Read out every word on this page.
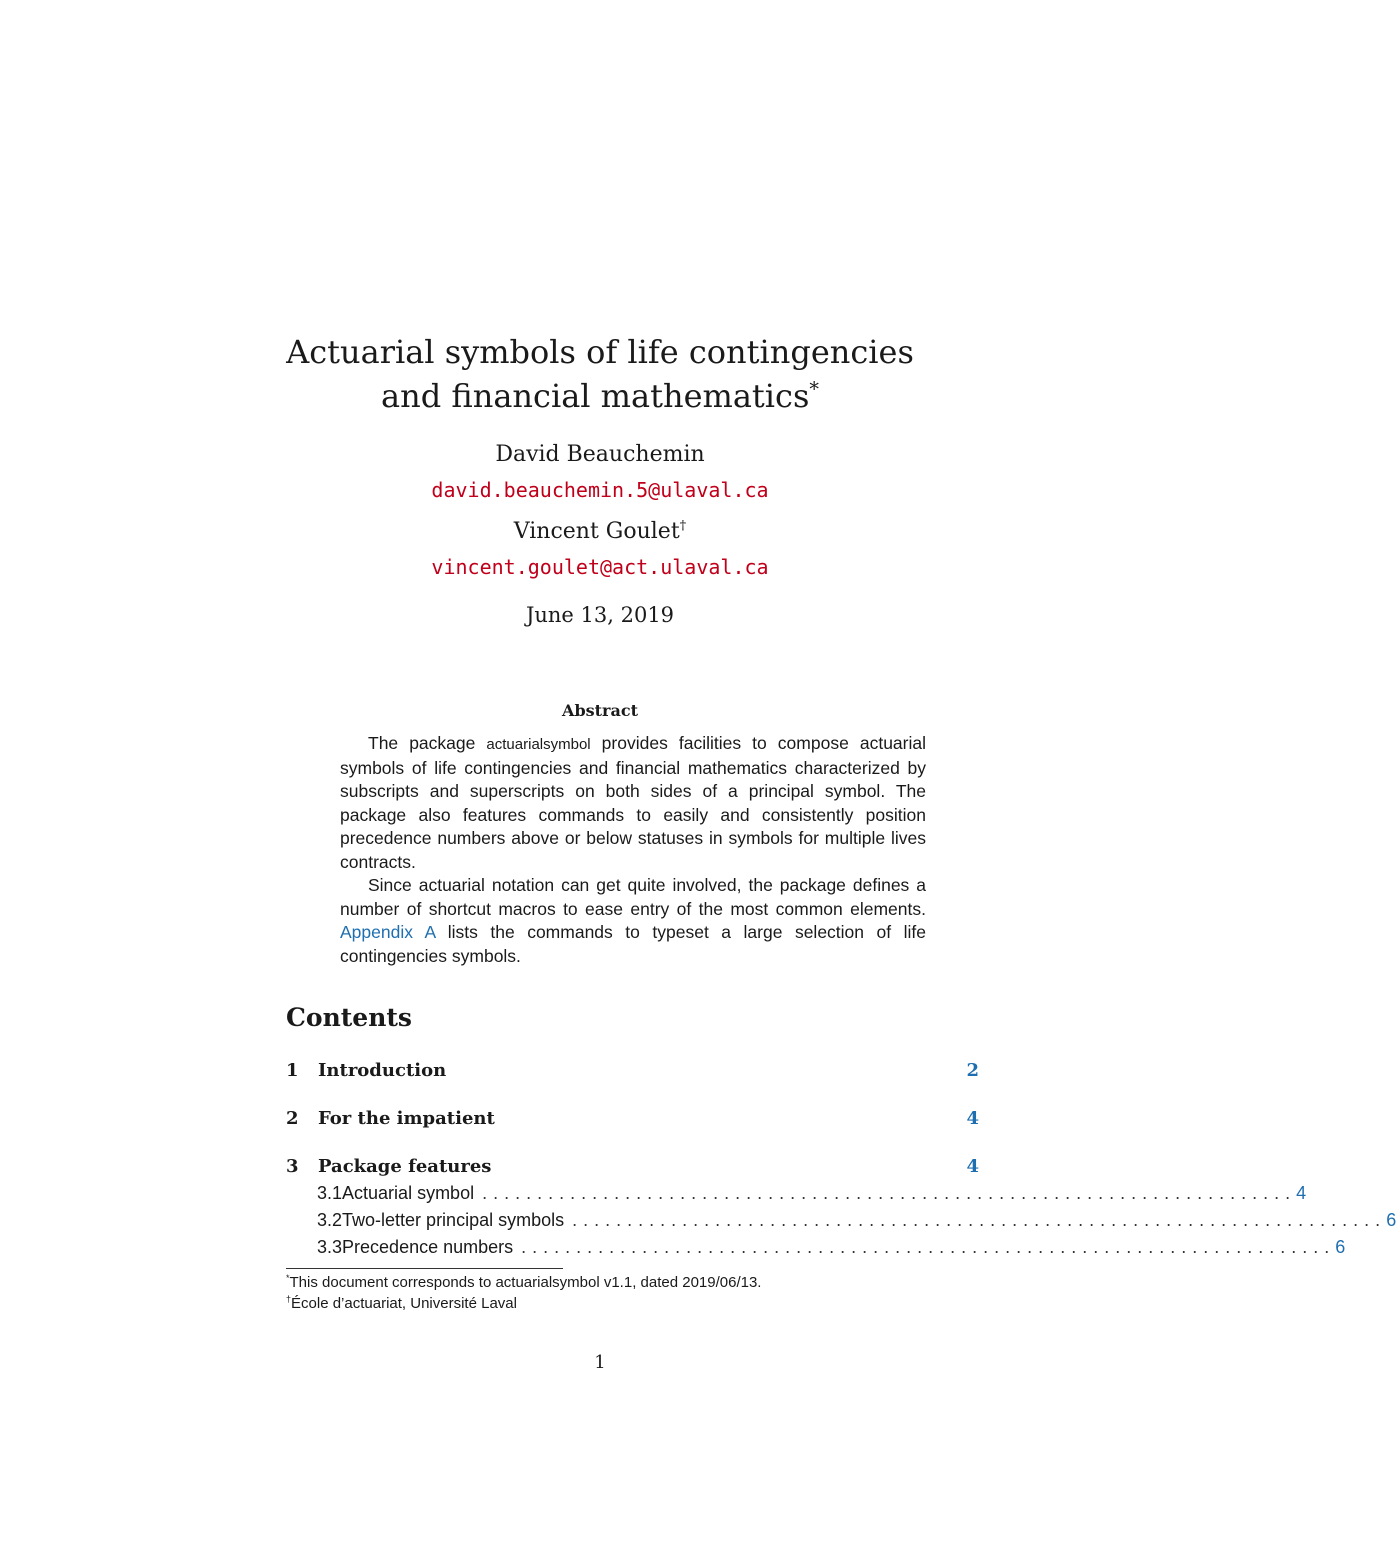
Actuarial symbols of life contingencies
and financial mathematics*
David Beauchemin
david.beauchemin.5@ulaval.ca
Vincent Goulet†
vincent.goulet@act.ulaval.ca
June 13, 2019
Abstract

The package actuarialsymbol provides facilities to compose actuarial symbols of life contingencies and financial mathematics characterized by subscripts and superscripts on both sides of a principal symbol. The package also features commands to easily and consistently position precedence numbers above or below statuses in symbols for multiple lives contracts.

Since actuarial notation can get quite involved, the package defines a number of shortcut macros to ease entry of the most common elements. Appendix A lists the commands to typeset a large selection of life contingencies symbols.

Contents
1	Introduction	2
2	For the impatient	4
3	Package features	4
3.1 Actuarial symbol .......................................................................... 4
3.2 Two-letter principal symbols .......................................................................... 6
3.3 Precedence numbers .......................................................................... 6
*This document corresponds to actuarialsymbol v1.1, dated 2019/06/13.
†École d’actuariat, Université Laval
1
